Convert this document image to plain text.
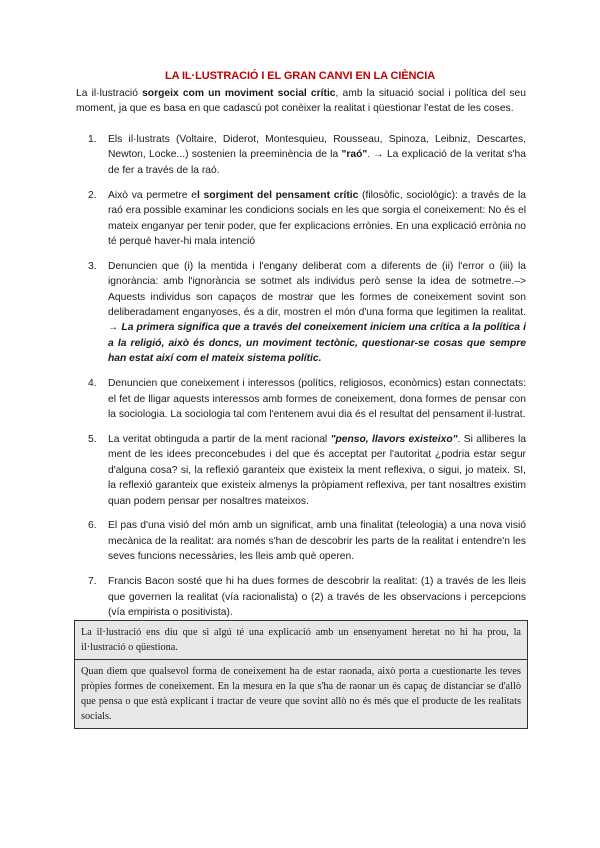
LA IL·LUSTRACIÓ I EL GRAN CANVI EN LA CIÈNCIA

La il·lustració sorgeix com un moviment social crític, amb la situació social i política del seu moment, ja que es basa en que cadascú pot conèixer la realitat i qüestionar l'estat de les coses.

1. Els il·lustrats (Voltaire, Diderot, Montesquieu, Rousseau, Spinoza, Leibniz, Descartes, Newton, Locke...) sostenien la preeminència de la "raó". → La explicació de la veritat s'ha de fer a través de la raó.
2. Això va permetre el sorgiment del pensament crític (filosòfic, sociològic): a través de la raó era possible examinar les condicions socials en les que sorgia el coneixement: No és el mateix enganyar per tenir poder, que fer explicacions errònies. En una explicació errònia no té perquè haver-hi mala intenció
3. Denuncien que (i) la mentida i l'engany deliberat com a diferents de (ii) l'error o (iii) la ignorància: amb l'ignorància se sotmet als individus però sense la idea de sotmetre.–> Aquests individus son capaços de mostrar que les formes de coneixement sovint son deliberadament enganyoses, és a dir, mostren el món d'una forma que legitimen la realitat. → La primera significa que a través del coneixement iniciem una crítica a la política i a la religió, això és doncs, un moviment tectònic, questionar-se cosas que sempre han estat així com el mateix sistema polític.
4. Denuncien que coneixement i interessos (polítics, religiosos, econòmics) estan connectats: el fet de lligar aquests interessos amb formes de coneixement, dona formes de pensar con la sociologia. La sociologia tal com l'entenem avui dia és el resultat del pensament il·lustrat.
5. La veritat obtinguda a partir de la ment racional "penso, llavors existeixo". Si alliberes la ment de les idees preconcebudes i del que és acceptat per l'autoritat ¿podria estar segur d'alguna cosa? si, la reflexió garanteix que existeix la ment reflexiva, o sigui, jo mateix. SI, la reflexió garanteix que existeix almenys la pròpiament reflexiva, per tant nosaltres existim quan podem pensar per nosaltres mateixos.
6. El pas d'una visió del món amb un significat, amb una finalitat (teleologia) a una nova visió mecànica de la realitat: ara només s'han de descobrir les parts de la realitat i entendre'n les seves funcions necessàries, les lleis amb què operen.
7. Francis Bacon sosté que hi ha dues formes de descobrir la realitat: (1) a través de les lleis que governen la realitat (vía racionalista) o (2) a través de les observacions i percepcions (vía empirista o positivista).
La il·lustració ens diu que si algú té una explicació amb un ensenyament heretat no hi ha prou, la il·lustració o qüestiona.
Quan diem que qualsevol forma de coneixement ha de estar raonada, això porta a cuestionarte les teves pròpies formes de coneixement. En la mesura en la que s'ha de raonar un és capaç de distanciar se d'allò que pensa o que està explicant i tractar de veure que sovint allò no és més que el producte de les realitats socials.
